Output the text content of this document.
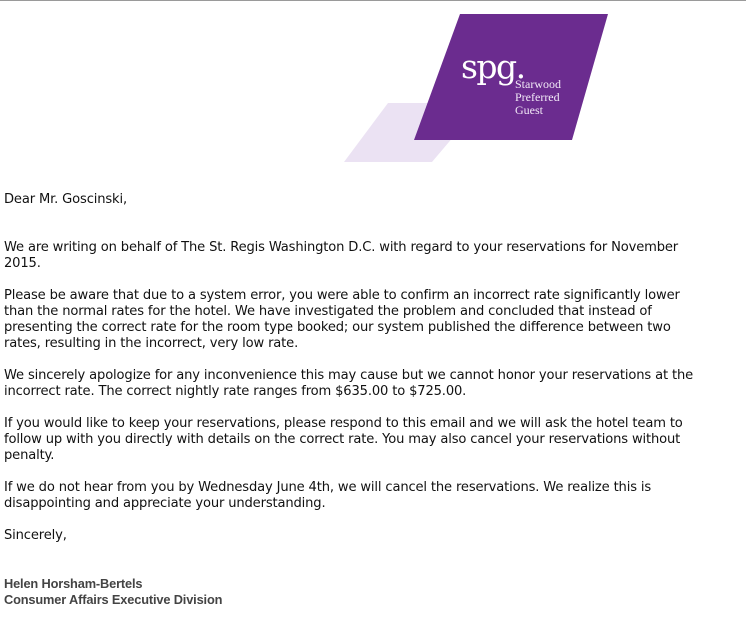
spg.
Starwood
Preferred
Guest

Dear Mr. Goscinski,

We are writing on behalf of The St. Regis Washington D.C. with regard to your reservations for November 2015.

Please be aware that due to a system error, you were able to confirm an incorrect rate significantly lower than the normal rates for the hotel. We have investigated the problem and concluded that instead of presenting the correct rate for the room type booked; our system published the difference between two rates, resulting in the incorrect, very low rate.

We sincerely apologize for any inconvenience this may cause but we cannot honor your reservations at the incorrect rate. The correct nightly rate ranges from $635.00 to $725.00.

If you would like to keep your reservations, please respond to this email and we will ask the hotel team to follow up with you directly with details on the correct rate. You may also cancel your reservations without penalty.

If we do not hear from you by Wednesday June 4th, we will cancel the reservations. We realize this is disappointing and appreciate your understanding.

Sincerely,

Helen Horsham-Bertels
Consumer Affairs Executive Division
